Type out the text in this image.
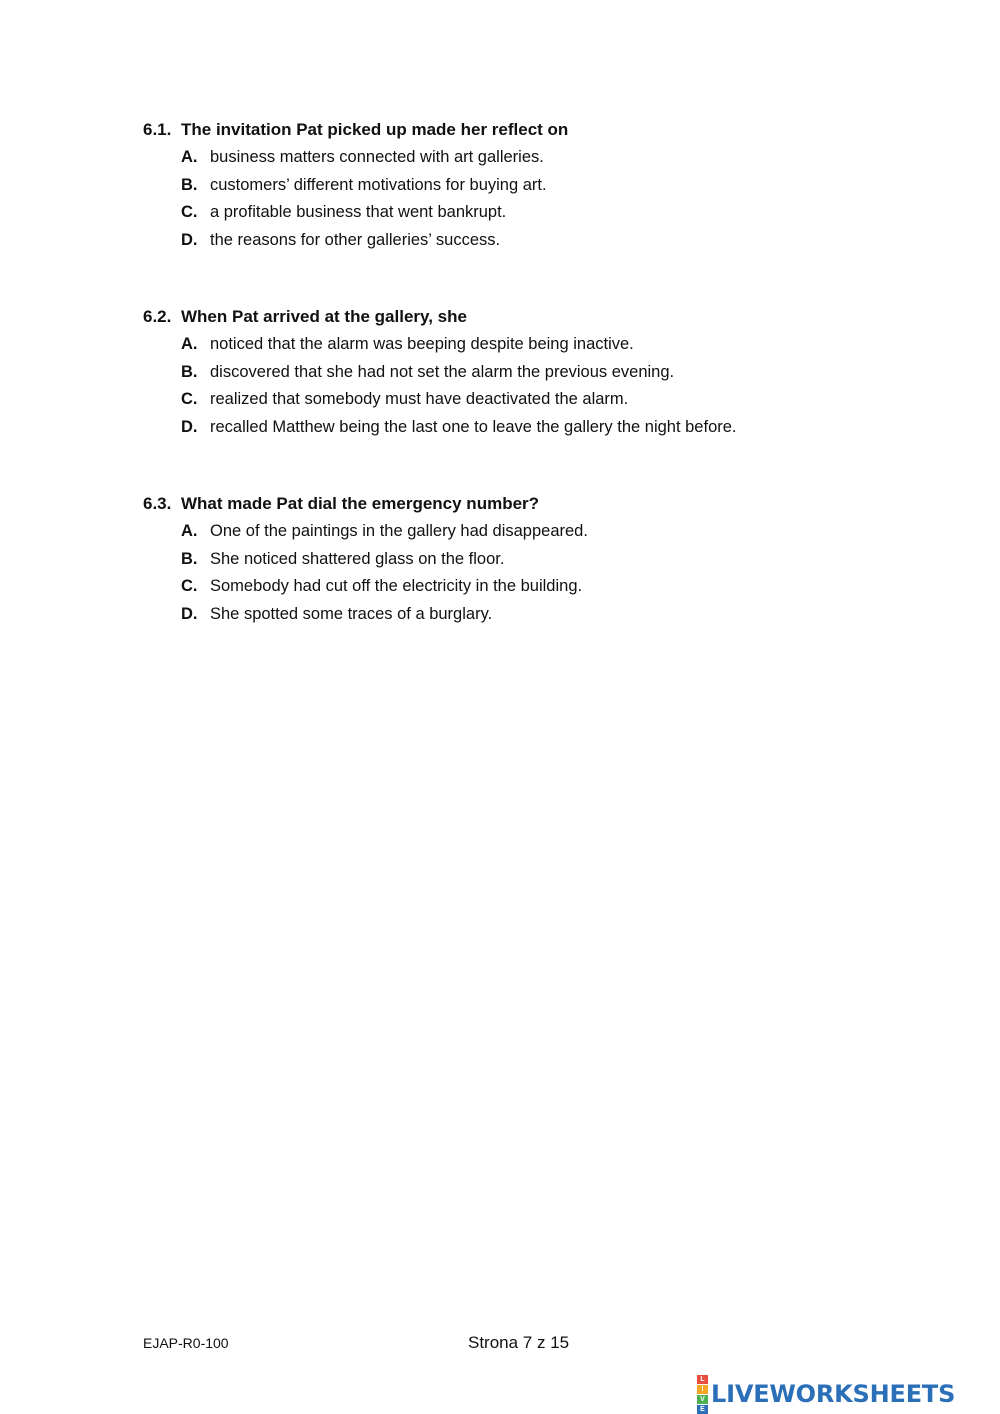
6.1. The invitation Pat picked up made her reflect on
A. business matters connected with art galleries.
B. customers’ different motivations for buying art.
C. a profitable business that went bankrupt.
D. the reasons for other galleries’ success.
6.2. When Pat arrived at the gallery, she
A. noticed that the alarm was beeping despite being inactive.
B. discovered that she had not set the alarm the previous evening.
C. realized that somebody must have deactivated the alarm.
D. recalled Matthew being the last one to leave the gallery the night before.
6.3. What made Pat dial the emergency number?
A. One of the paintings in the gallery had disappeared.
B. She noticed shattered glass on the floor.
C. Somebody had cut off the electricity in the building.
D. She spotted some traces of a burglary.
EJAP-R0-100	Strona 7 z 15
L
I
V
E
LIVEWORKSHEETS
